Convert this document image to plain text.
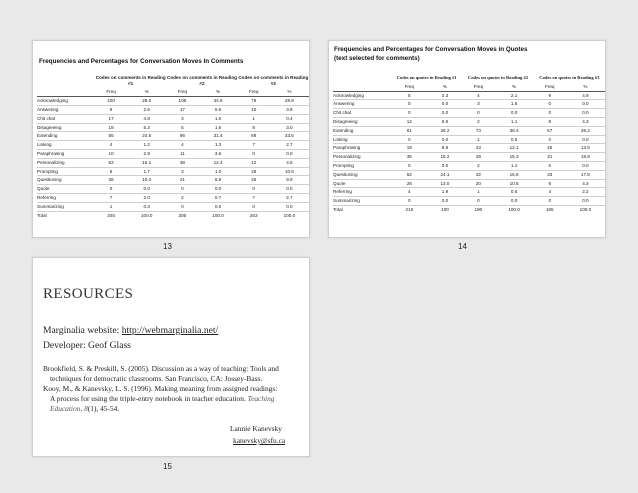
Frequencies and Percentages for Conversation Moves In Comments
	Codes on comments in Reading #1		Codes on comments in Reading #2		Codes on comments in Reading #3	
	Freq	%	Freq	%	Freq	%
Acknowledging	100	29.0	106	34.6	76	28.9
Answering	9	2.6	17	5.6	10	3.8
Chit chat	17	4.9	3	1.0	1	0.4
Disagreeing	18	5.2	5	1.6	8	3.0
Extending	85	24.6	96	31.4	88	33.5
Linking	4	1.2	4	1.3	7	2.7
Paraphrasing	10	2.9	11	3.6	0	0.0
Personalizing	52	15.1	38	12.4	12	4.6
Prompting	6	1.7	3	1.0	28	10.6
Questioning	36	10.4	21	6.9	26	9.9
Quote	0	0.0	0	0.0	0	0.0
Referring	7	2.0	2	0.7	7	2.7
Summarizing	1	0.3	0	0.0	0	0.0
Total	345	100.0	306	100.0	263	100.0
13
Frequencies and Percentages for Conversation Moves in Quotes
(text selected for comments)
	Codes on quotes in Reading #1		Codes on quotes in Reading #2		Codes on quotes in Reading #3	
	Freq	%	Freq	%	Freq	%
Acknowledging	5	2.3	4	2.1	9	4.9
Answering	0	0.0	3	1.6	0	0.0
Chit chat	0	0.0	0	0.0	0	0.0
Disagreeing	12	5.6	2	1.1	8	4.3
Extending	61	28.2	73	38.4	67	36.2
Linking	0	0.0	1	0.5	0	0.0
Paraphrasing	19	8.8	23	12.1	25	13.5
Personalizing	35	16.2	29	15.3	31	16.8
Prompting	0	0.0	2	1.1	0	0.0
Questioning	52	24.1	32	16.8	33	17.8
Quote	28	13.0	20	10.5	8	4.3
Referring	4	1.9	1	0.5	4	2.2
Summarizing	0	0.0	0	0.0	0	0.0
Total	216	100	190	100.0	185	100.0
14
RESOURCES
Marginalia website: http://webmarginalia.net/
Developer: Geof Glass
Brookfield, S. & Preskill, S. (2005). Discussion as a way of teaching: Tools and
techniques for democratic classrooms. San Francisco, CA: Jossey-Bass.
Kooy, M., & Kanevsky, L. S. (1996). Making meaning from assigned readings:
A process for using the triple-entry notebook in teacher education. Teaching
Education, 8(1), 45-54.
Lannie Kanevsky
kanevsky@sfu.ca
15
